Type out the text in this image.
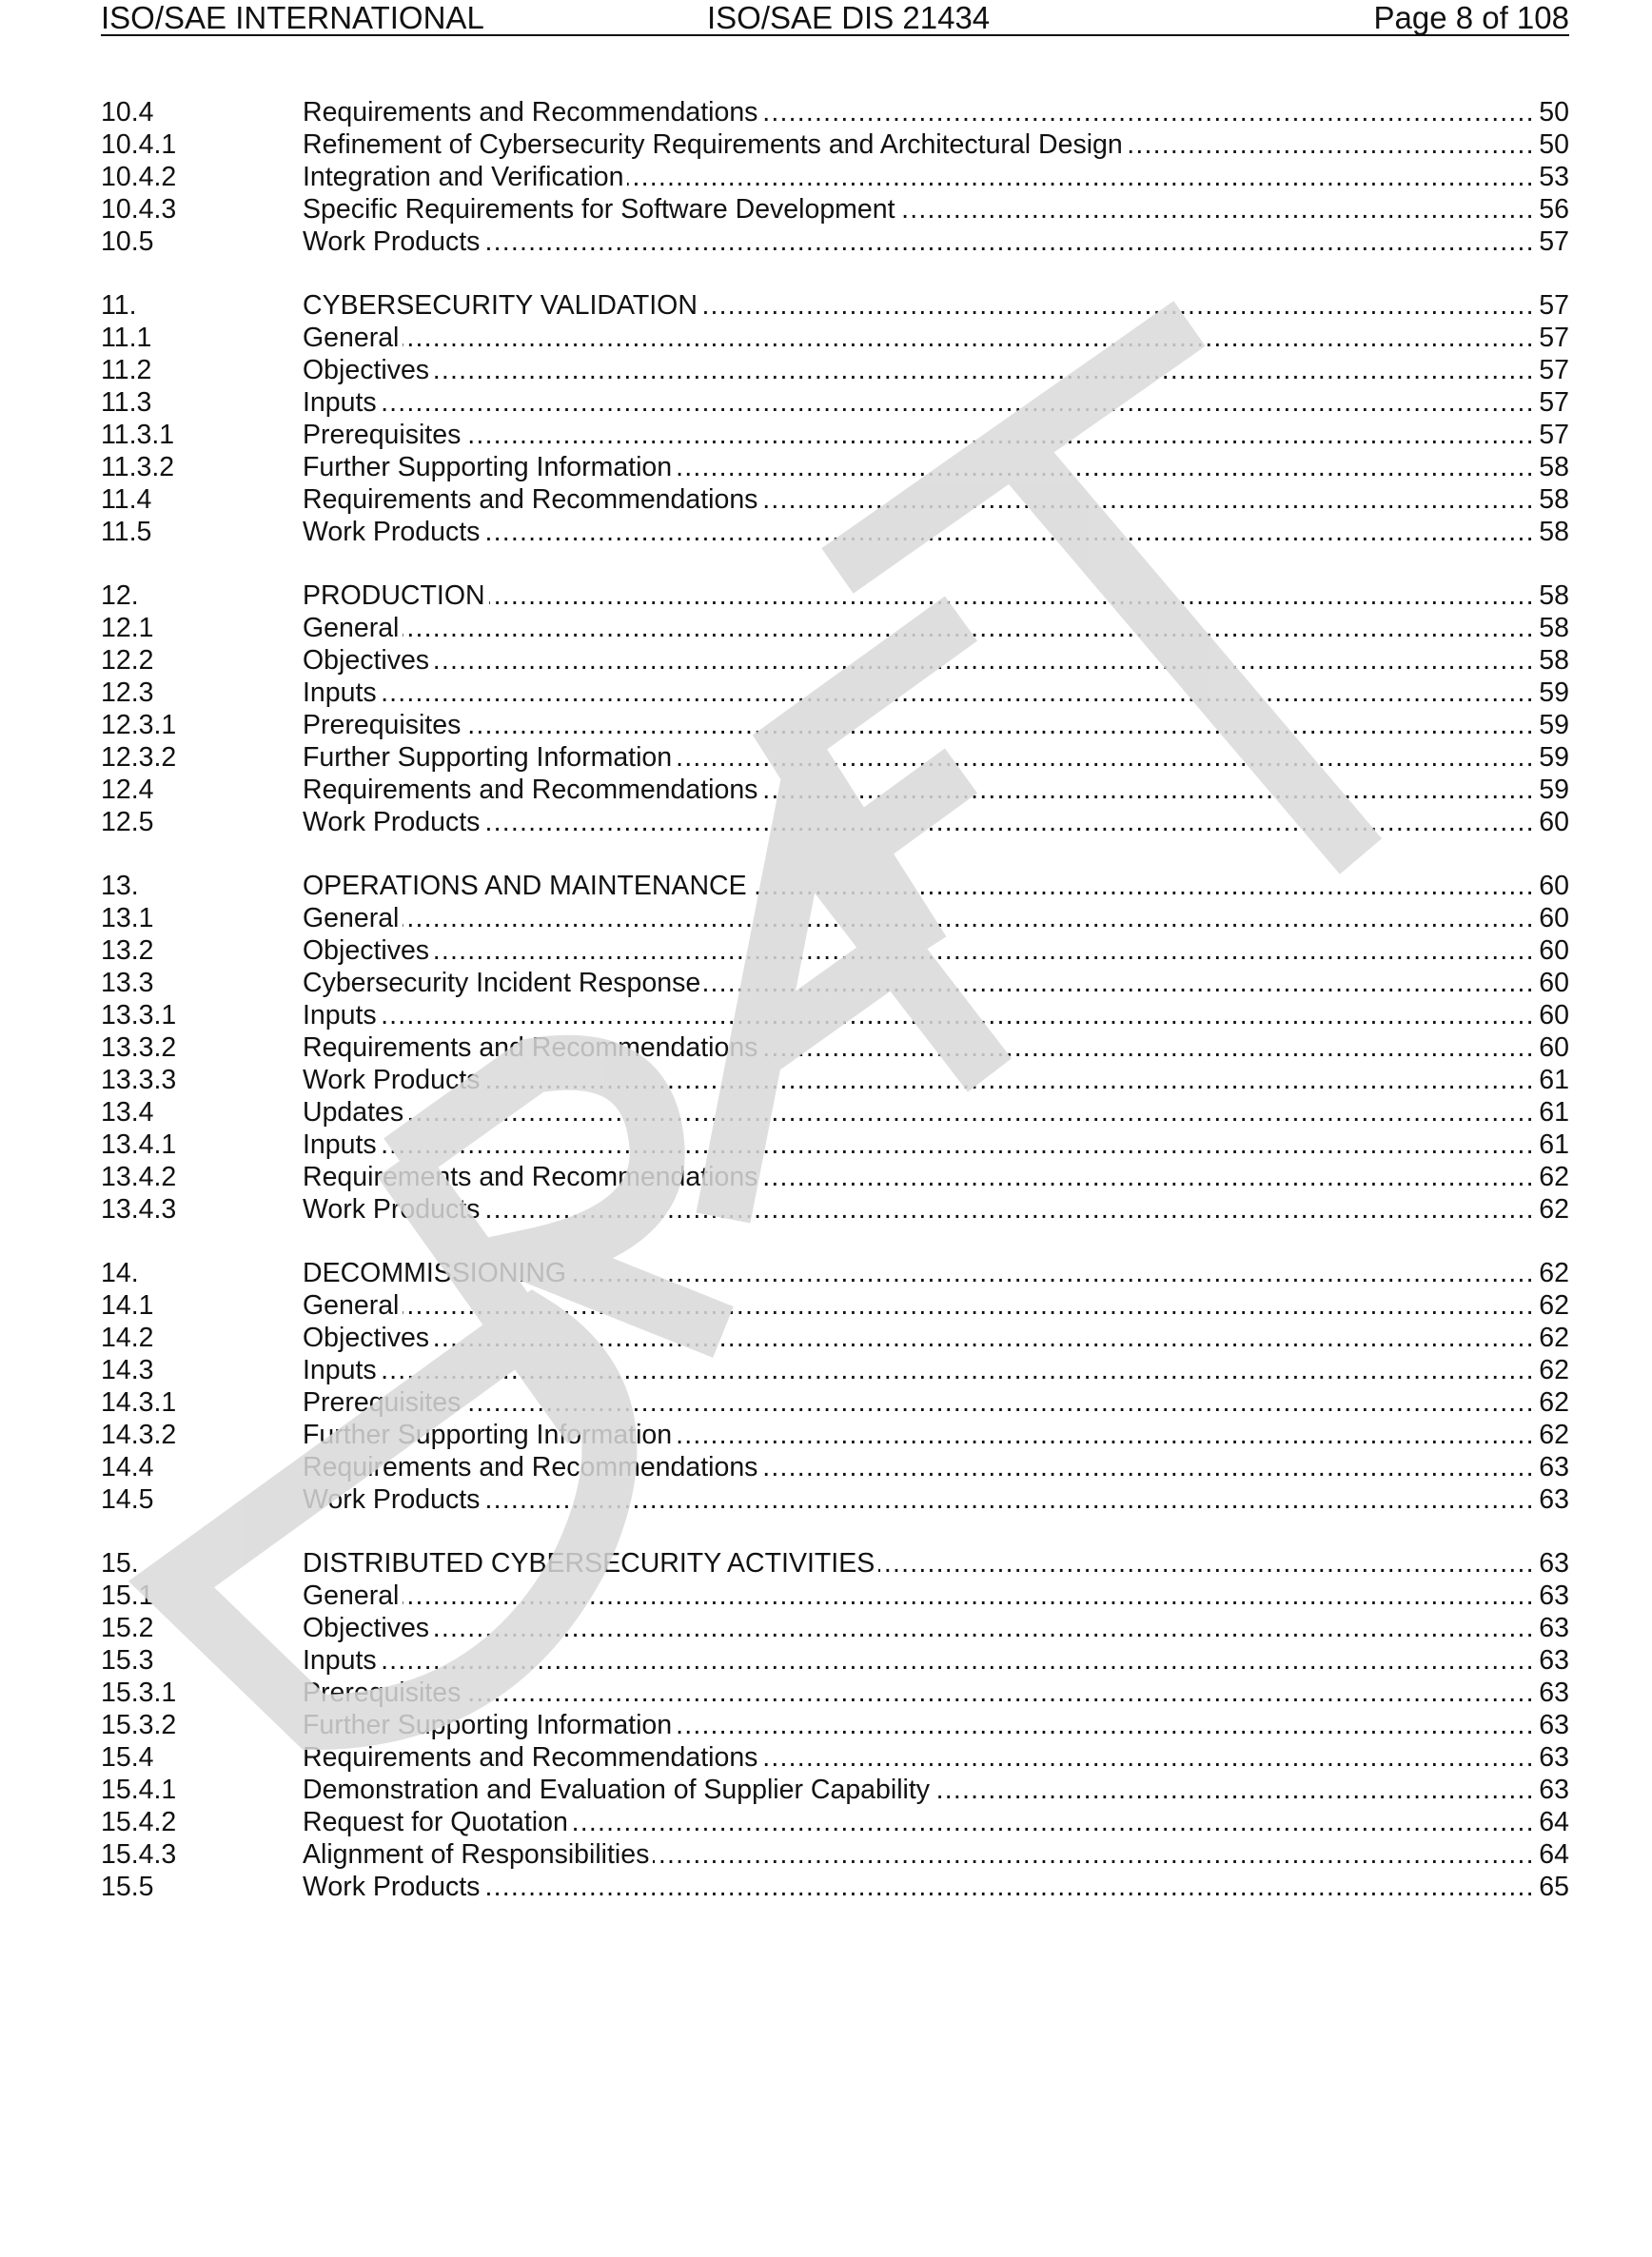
ISO/SAE INTERNATIONAL	ISO/SAE DIS 21434	Page 8 of 108
10.4	Requirements and Recommendations .....	50
10.4.1	Refinement of Cybersecurity Requirements and Architectural Design .....	50
10.4.2	Integration and Verification .....	53
10.4.3	Specific Requirements for Software Development .....	56
10.5	Work Products .....	57
11.	CYBERSECURITY VALIDATION .....	57
11.1	General .....	57
11.2	Objectives .....	57
11.3	Inputs .....	57
11.3.1	Prerequisites .....	57
11.3.2	Further Supporting Information .....	58
11.4	Requirements and Recommendations .....	58
11.5	Work Products .....	58
12.	PRODUCTION .....	58
12.1	General .....	58
12.2	Objectives .....	58
12.3	Inputs .....	59
12.3.1	Prerequisites .....	59
12.3.2	Further Supporting Information .....	59
12.4	Requirements and Recommendations .....	59
12.5	Work Products .....	60
13.	OPERATIONS AND MAINTENANCE .....	60
13.1	General .....	60
13.2	Objectives .....	60
13.3	Cybersecurity Incident Response .....	60
13.3.1	Inputs .....	60
13.3.2	Requirements and Recommendations .....	60
13.3.3	Work Products .....	61
13.4	Updates .....	61
13.4.1	Inputs .....	61
13.4.2	Requirements and Recommendations .....	62
13.4.3	Work Products .....	62
14.	DECOMMISSIONING .....	62
14.1	General .....	62
14.2	Objectives .....	62
14.3	Inputs .....	62
14.3.1	Prerequisites .....	62
14.3.2	Further Supporting Information .....	62
14.4	Requirements and Recommendations .....	63
14.5	Work Products .....	63
15.	DISTRIBUTED CYBERSECURITY ACTIVITIES .....	63
15.1	General .....	63
15.2	Objectives .....	63
15.3	Inputs .....	63
15.3.1	Prerequisites .....	63
15.3.2	Further Supporting Information .....	63
15.4	Requirements and Recommendations .....	63
15.4.1	Demonstration and Evaluation of Supplier Capability .....	63
15.4.2	Request for Quotation .....	64
15.4.3	Alignment of Responsibilities .....	64
15.5	Work Products .....	65
